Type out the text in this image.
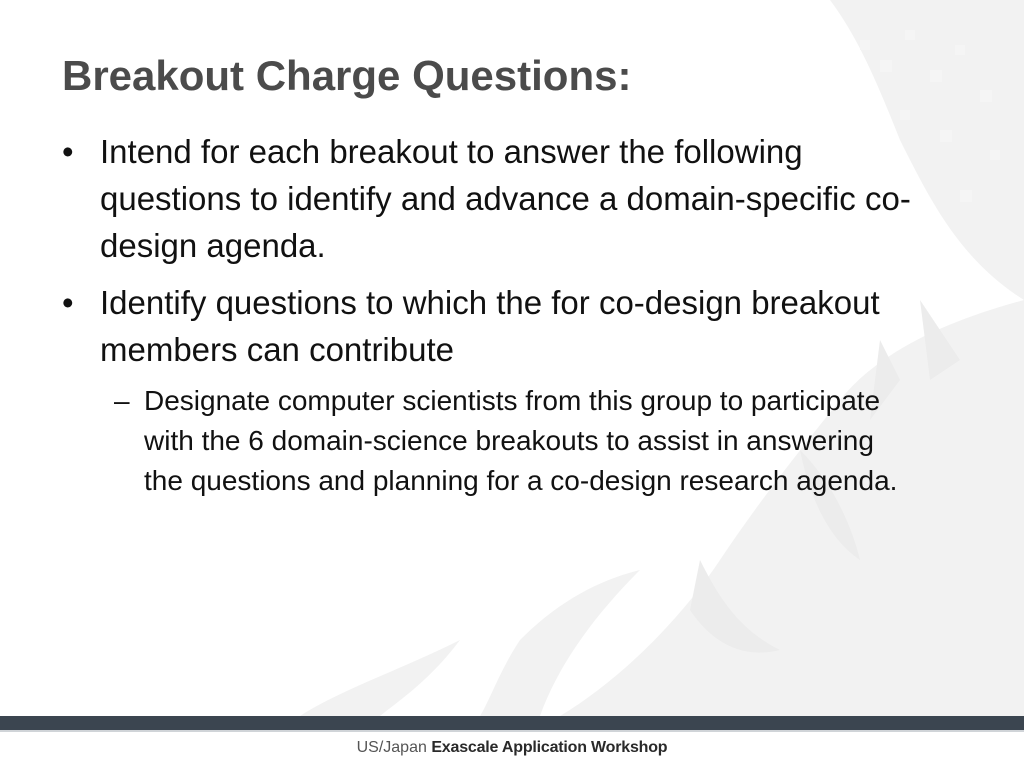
Breakout Charge Questions:
• Intend for each breakout to answer the following questions to identify and advance a domain-specific co-design agenda.
• Identify questions to which the for co-design breakout members can contribute
– Designate computer scientists from this group to participate with the 6 domain-science breakouts to assist in answering the questions and planning for a co-design research agenda.
US/Japan Exascale Application Workshop
